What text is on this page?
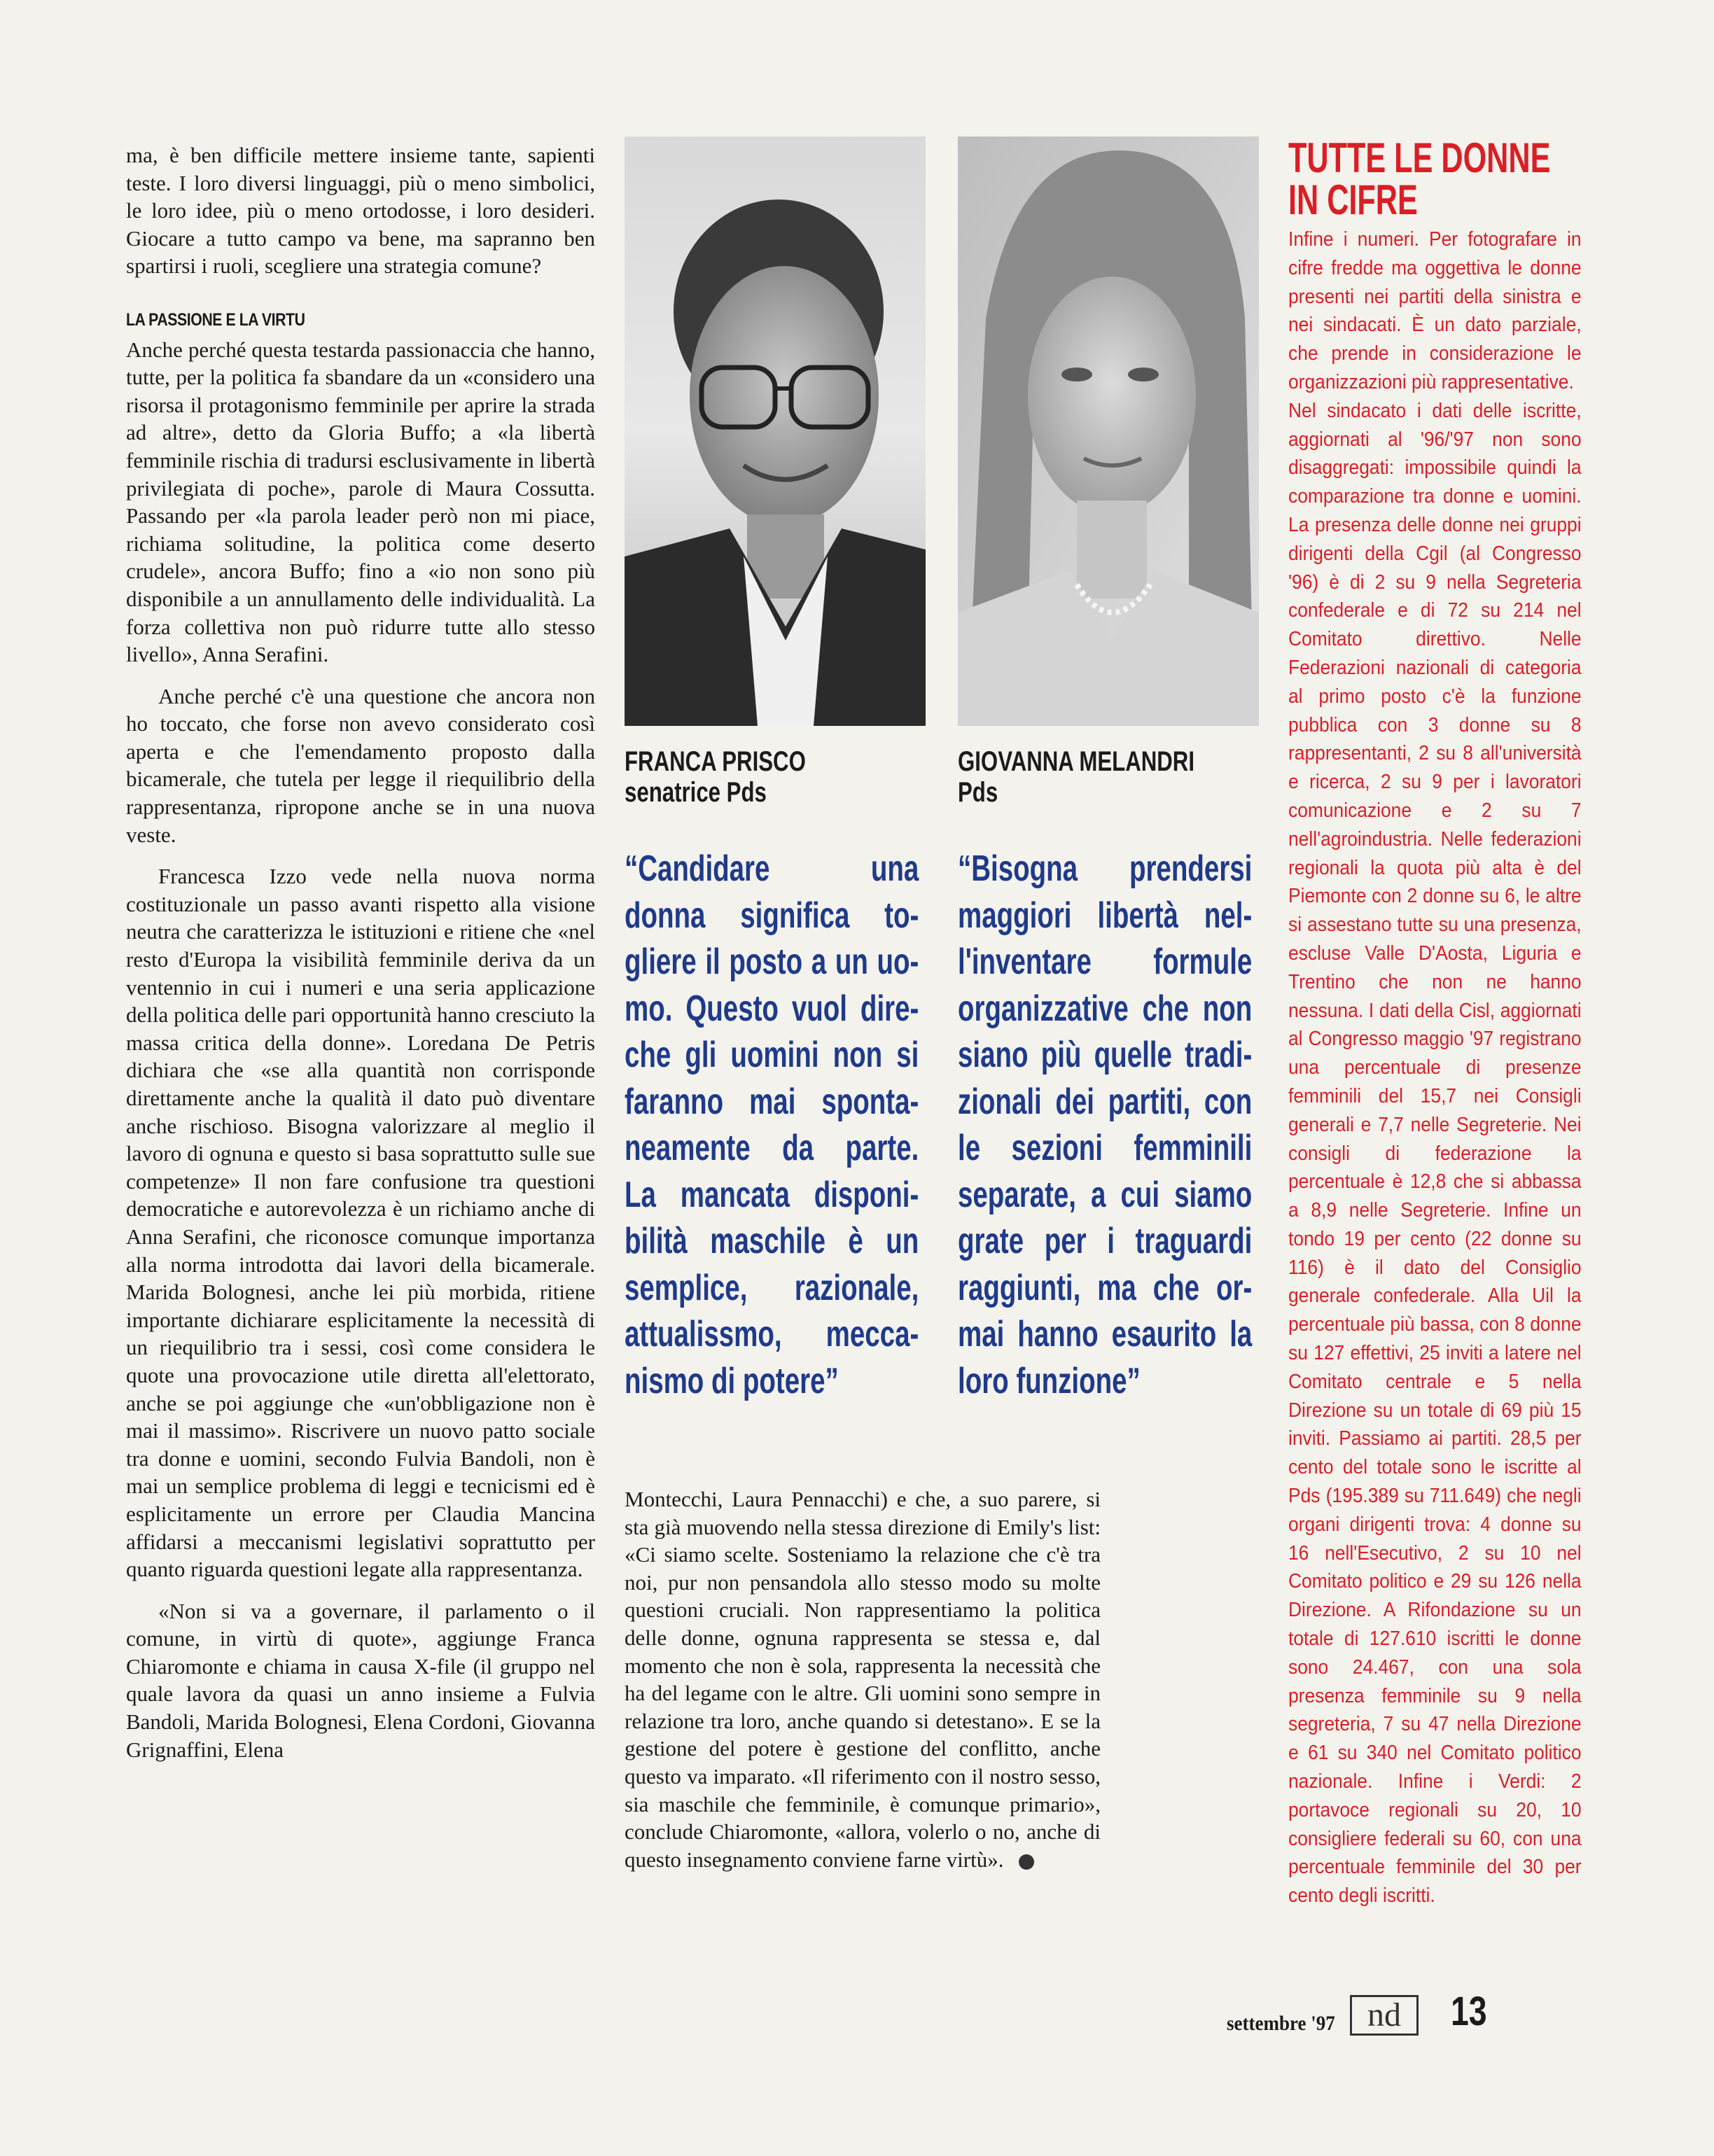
ma, è ben difficile mettere insieme tante, sapienti teste. I loro diversi linguaggi, più o meno simbolici, le loro idee, più o meno ortodosse, i loro desideri. Giocare a tutto campo va bene, ma sapranno ben spartirsi i ruoli, scegliere una strategia comune?

LA PASSIONE E LA VIRTU

Anche perché questa testarda passionaccia che hanno, tutte, per la politica fa sbandare da un «considero una risorsa il protagonismo femminile per aprire la strada ad altre», detto da Gloria Buffo; a «la libertà femminile rischia di tradursi esclusivamente in libertà privilegiata di poche», parole di Maura Cossutta. Passando per «la parola leader però non mi piace, richiama solitudine, la politica come deserto crudele», ancora Buffo; fino a «io non sono più disponibile a un annullamento delle individualità. La forza collettiva non può ridurre tutte allo stesso livello», Anna Serafini.

Anche perché c'è una questione che ancora non ho toccato, che forse non avevo considerato così aperta e che l'emendamento proposto dalla bicamerale, che tutela per legge il riequilibrio della rappresentanza, ripropone anche se in una nuova veste.

Francesca Izzo vede nella nuova norma costituzionale un passo avanti rispetto alla visione neutra che caratterizza le istituzioni e ritiene che «nel resto d'Europa la visibilità femminile deriva da un ventennio in cui i numeri e una seria applicazione della politica delle pari opportunità hanno cresciuto la massa critica della donne». Loredana De Petris dichiara che «se alla quantità non corrisponde direttamente anche la qualità il dato può diventare anche rischioso. Bisogna valorizzare al meglio il lavoro di ognuna e questo si basa soprattutto sulle sue competenze» Il non fare confusione tra questioni democratiche e autorevolezza è un richiamo anche di Anna Serafini, che riconosce comunque importanza alla norma introdotta dai lavori della bicamerale. Marida Bolognesi, anche lei più morbida, ritiene importante dichiarare esplicitamente la necessità di un riequilibrio tra i sessi, così come considera le quote una provocazione utile diretta all'elettorato, anche se poi aggiunge che «un'obbligazione non è mai il massimo». Riscrivere un nuovo patto sociale tra donne e uomini, secondo Fulvia Bandoli, non è mai un semplice problema di leggi e tecnicismi ed è esplicitamente un errore per Claudia Mancina affidarsi a meccanismi legislativi soprattutto per quanto riguarda questioni legate alla rappresentanza.

«Non si va a governare, il parlamento o il comune, in virtù di quote», aggiunge Franca Chiaromonte e chiama in causa X-file (il gruppo nel quale lavora da quasi un anno insieme a Fulvia Bandoli, Marida Bolognesi, Elena Cordoni, Giovanna Grignaffini, Elena

FRANCA PRISCO
senatrice Pds
GIOVANNA MELANDRI
Pds
“Candidare una
donna significa to-
gliere il posto a un uo-
mo. Questo vuol dire-
che gli uomini non si
faranno mai sponta-
neamente da parte.
La mancata disponi-
bilità maschile è un
semplice, razionale,
attualissmo, mecca-
nismo di potere”
“Bisogna prendersi
maggiori libertà nel-
l'inventare formule
organizzative che non
siano più quelle tradi-
zionali dei partiti, con
le sezioni femminili
separate, a cui siamo
grate per i traguardi
raggiunti, ma che or-
mai hanno esaurito la
loro funzione”

Montecchi, Laura Pennacchi) e che, a suo parere, si sta già muovendo nella stessa direzione di Emily's list: «Ci siamo scelte. Sosteniamo la relazione che c'è tra noi, pur non pensandola allo stesso modo su molte questioni cruciali. Non rappresentiamo la politica delle donne, ognuna rappresenta se stessa e, dal momento che non è sola, rappresenta la necessità che ha del legame con le altre. Gli uomini sono sempre in relazione tra loro, anche quando si detestano». E se la gestione del potere è gestione del conflitto, anche questo va imparato. «Il riferimento con il nostro sesso, sia maschile che femminile, è comunque primario», conclude Chiaromonte, «allora, volerlo o no, anche di questo insegnamento conviene farne virtù».

TUTTE LE DONNE
IN CIFRE

Infine i numeri. Per fotografare in cifre fredde ma oggettiva le donne presenti nei partiti della sinistra e nei sindacati. È un dato parziale, che prende in considerazione le organizzazioni più rappresentative.

Nel sindacato i dati delle iscritte, aggiornati al '96/'97 non sono disaggregati: impossibile quindi la comparazione tra donne e uomini. La presenza delle donne nei gruppi dirigenti della Cgil (al Congresso '96) è di 2 su 9 nella Segreteria confederale e di 72 su 214 nel Comitato direttivo. Nelle Federazioni nazionali di categoria al primo posto c'è la funzione pubblica con 3 donne su 8 rappresentanti, 2 su 8 all'università e ricerca, 2 su 9 per i lavoratori comunicazione e 2 su 7 nell'agroindustria. Nelle federazioni regionali la quota più alta è del Piemonte con 2 donne su 6, le altre si assestano tutte su una presenza, escluse Valle D'Aosta, Liguria e Trentino che non ne hanno nessuna. I dati della Cisl, aggiornati al Congresso maggio '97 registrano una percentuale di presenze femminili del 15,7 nei Consigli generali e 7,7 nelle Segreterie. Nei consigli di federazione la percentuale è 12,8 che si abbassa a 8,9 nelle Segreterie. Infine un tondo 19 per cento (22 donne su 116) è il dato del Consiglio generale confederale. Alla Uil la percentuale più bassa, con 8 donne su 127 effettivi, 25 inviti a latere nel Comitato centrale e 5 nella Direzione su un totale di 69 più 15 inviti. Passiamo ai partiti. 28,5 per cento del totale sono le iscritte al Pds (195.389 su 711.649) che negli organi dirigenti trova: 4 donne su 16 nell'Esecutivo, 2 su 10 nel Comitato politico e 29 su 126 nella Direzione. A Rifondazione su un totale di 127.610 iscritti le donne sono 24.467, con una sola presenza femminile su 9 nella segreteria, 7 su 47 nella Direzione e 61 su 340 nel Comitato politico nazionale. Infine i Verdi: 2 portavoce regionali su 20, 10 consigliere federali su 60, con una percentuale femminile del 30 per cento degli iscritti.

settembre '97 nd	13
